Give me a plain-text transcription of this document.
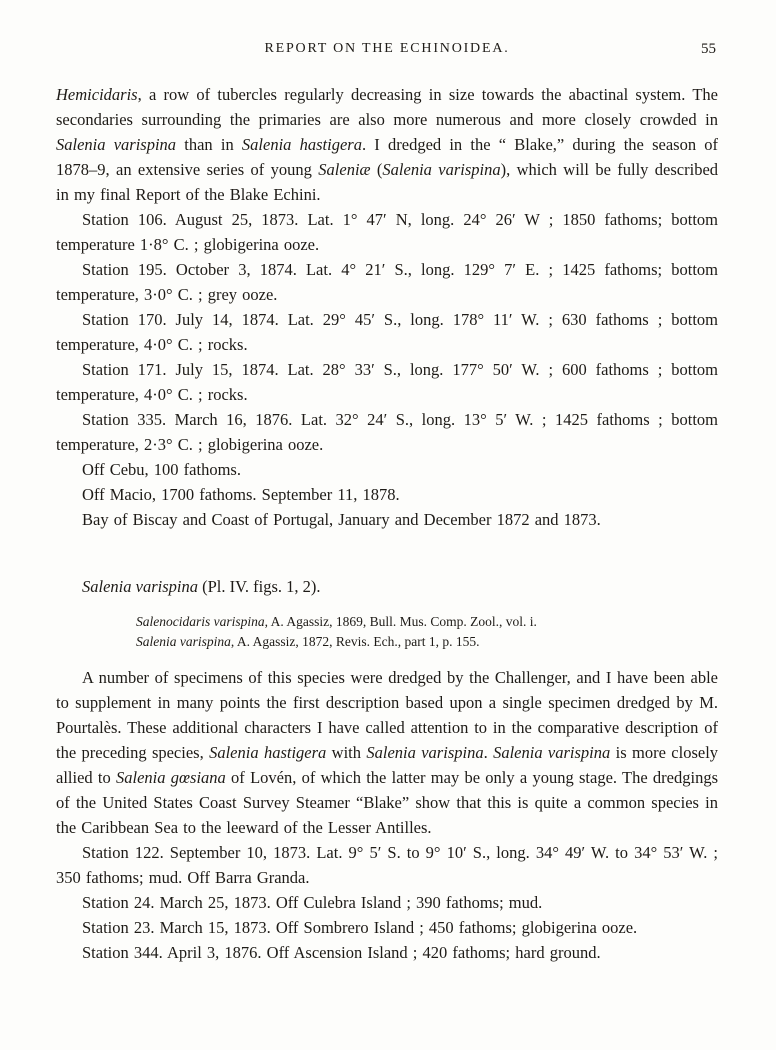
REPORT ON THE ECHINOIDEA.	55

Hemicidaris, a row of tubercles regularly decreasing in size towards the abactinal system. The secondaries surrounding the primaries are also more numerous and more closely crowded in Salenia varispina than in Salenia hastigera. I dredged in the “ Blake,” during the season of 1878–9, an extensive series of young Saleniæ (Salenia varispina), which will be fully described in my final Report of the Blake Echini.

Station 106. August 25, 1873. Lat. 1° 47′ N, long. 24° 26′ W ; 1850 fathoms; bottom temperature 1·8° C. ; globigerina ooze.

Station 195. October 3, 1874. Lat. 4° 21′ S., long. 129° 7′ E. ; 1425 fathoms; bottom temperature, 3·0° C. ; grey ooze.

Station 170. July 14, 1874. Lat. 29° 45′ S., long. 178° 11′ W. ; 630 fathoms ; bottom temperature, 4·0° C. ; rocks.

Station 171. July 15, 1874. Lat. 28° 33′ S., long. 177° 50′ W. ; 600 fathoms ; bottom temperature, 4·0° C. ; rocks.

Station 335. March 16, 1876. Lat. 32° 24′ S., long. 13° 5′ W. ; 1425 fathoms ; bottom temperature, 2·3° C. ; globigerina ooze.

Off Cebu, 100 fathoms.

Off Macio, 1700 fathoms. September 11, 1878.

Bay of Biscay and Coast of Portugal, January and December 1872 and 1873.

Salenia varispina (Pl. IV. figs. 1, 2).

Salenocidaris varispina, A. Agassiz, 1869, Bull. Mus. Comp. Zool., vol. i.

Salenia varispina, A. Agassiz, 1872, Revis. Ech., part 1, p. 155.

A number of specimens of this species were dredged by the Challenger, and I have been able to supplement in many points the first description based upon a single specimen dredged by M. Pourtalès. These additional characters I have called attention to in the comparative description of the preceding species, Salenia hastigera with Salenia varispina. Salenia varispina is more closely allied to Salenia gœsiana of Lovén, of which the latter may be only a young stage. The dredgings of the United States Coast Survey Steamer “Blake” show that this is quite a common species in the Caribbean Sea to the leeward of the Lesser Antilles.

Station 122. September 10, 1873. Lat. 9° 5′ S. to 9° 10′ S., long. 34° 49′ W. to 34° 53′ W. ; 350 fathoms; mud. Off Barra Granda.

Station 24. March 25, 1873. Off Culebra Island ; 390 fathoms; mud.

Station 23. March 15, 1873. Off Sombrero Island ; 450 fathoms; globigerina ooze.

Station 344. April 3, 1876. Off Ascension Island ; 420 fathoms; hard ground.
